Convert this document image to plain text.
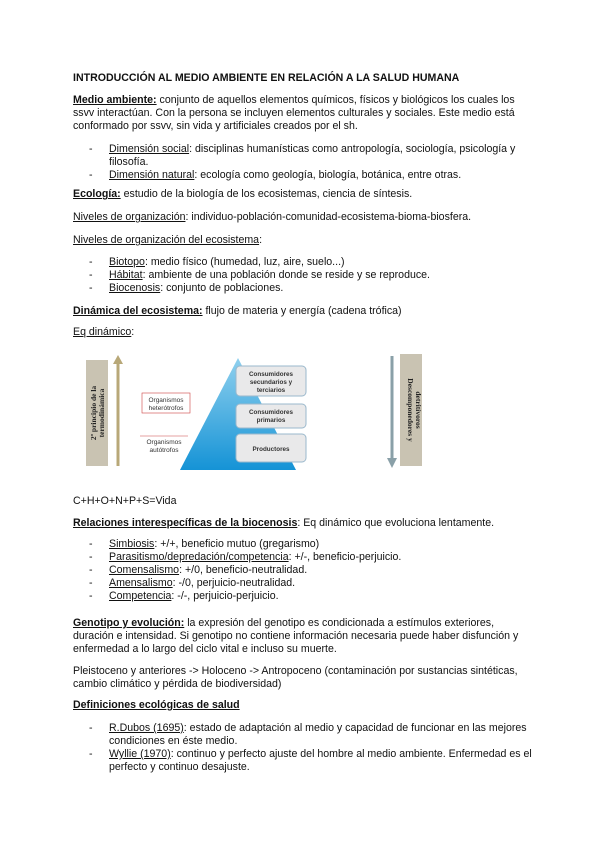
INTRODUCCIÓN AL MEDIO AMBIENTE EN RELACIÓN A LA SALUD HUMANA

Medio ambiente: conjunto de aquellos elementos químicos, físicos y biológicos los cuales los ssvv interactúan. Con la persona se incluyen elementos culturales y sociales. Este medio está conformado por ssvv, sin vida y artificiales creados por el sh.

- Dimensión social: disciplinas humanísticas como antropología, sociología, psicología y filosofía.
- Dimensión natural: ecología como geología, biología, botánica, entre otras.

Ecología: estudio de la biología de los ecosistemas, ciencia de síntesis.

Niveles de organización: individuo-población-comunidad-ecosistema-bioma-biosfera.

Niveles de organización del ecosistema:

- Biotopo: medio físico (humedad, luz, aire, suelo...)
- Hábitat: ambiente de una población donde se reside y se reproduce.
- Biocenosis: conjunto de poblaciones.

Dinámica del ecosistema: flujo de materia y energía (cadena trófica)

Eq dinámico:

2º principio de la termodinámica	Organismos
heterótrofos
Organismos
autótrofos
Consumidores
secundarios y
terciarios
Consumidores
primarios
Productores
Descomponedores y detritívoros

C+H+O+N+P+S=Vida

Relaciones interespecíficas de la biocenosis: Eq dinámico que evoluciona lentamente.

- Simbiosis: +/+, beneficio mutuo (gregarismo)
- Parasitismo/depredación/competencia: +/-, beneficio-perjuicio.
- Comensalismo: +/0, beneficio-neutralidad.
- Amensalismo: -/0, perjuicio-neutralidad.
- Competencia: -/-, perjuicio-perjuicio.

Genotipo y evolución: la expresión del genotipo es condicionada a estímulos exteriores, duración e intensidad. Si genotipo no contiene información necesaria puede haber disfunción y enfermedad a lo largo del ciclo vital e incluso su muerte.

Pleistoceno y anteriores -> Holoceno -> Antropoceno (contaminación por sustancias sintéticas, cambio climático y pérdida de biodiversidad)

Definiciones ecológicas de salud

- R.Dubos (1695): estado de adaptación al medio y capacidad de funcionar en las mejores condiciones en éste medio.
- Wyllie (1970): continuo y perfecto ajuste del hombre al medio ambiente. Enfermedad es el perfecto y continuo desajuste.
